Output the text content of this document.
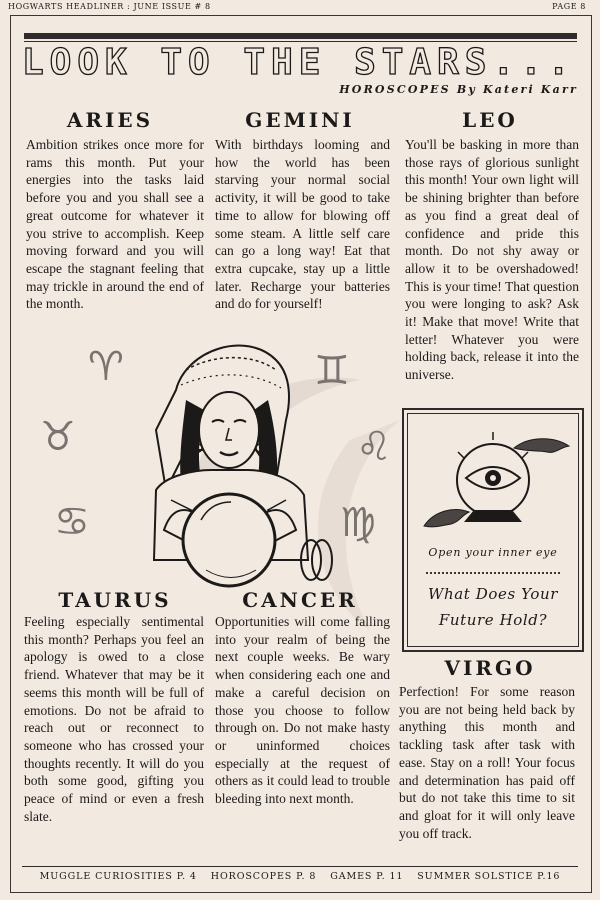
HOGWARTS HEADLINER : JUNE ISSUE # 8	PAGE 8
LOOK TO THE STARS...
HOROSCOPES By Kateri Karr
ARIES
Ambition strikes once more for rams this month. Put your energies into the tasks laid before you and you shall see a great outcome for whatever it you strive to accomplish. Keep moving forward and you will escape the stagnant feeling that may trickle in around the end of the month.
GEMINI
With birthdays looming and how the world has been starving your normal social activity, it will be good to take time to allow for blowing off some steam. A little self care can go a long way! Eat that extra cupcake, stay up a little later. Recharge your batteries and do for yourself!
LEO
You'll be basking in more than those rays of glorious sunlight this month! Your own light will be shining brighter than before as you find a great deal of confidence and pride this month. Do not shy away or allow it to be overshadowed! This is your time! That question you were longing to ask? Ask it! Make that move! Write that letter! Whatever you were holding back, release it into the universe.
♈
♉
♋
♊
♌
♍
TAURUS
Feeling especially sentimental this month? Perhaps you feel an apology is owed to a close friend. Whatever that may be it seems this month will be full of emotions. Do not be afraid to reach out or reconnect to someone who has crossed your thoughts recently. It will do you both some good, gifting you peace of mind or even a fresh slate.
CANCER
Opportunities will come falling into your realm of being the next couple weeks. Be wary when considering each one and make a careful decision on those you choose to follow through on. Do not make hasty or uninformed choices especially at the request of others as it could lead to trouble bleeding into next month.
Open your inner eye
What Does Your
Future Hold?
VIRGO
Perfection! For some reason you are not being held back by anything this month and tackling task after task with ease. Stay on a roll! Your focus and determination has paid off but do not take this time to sit and gloat for it will only leave you off track.
MUGGLE CURIOSITIES P. 4 HOROSCOPES P. 8 GAMES P. 11 SUMMER SOLSTICE P.16
